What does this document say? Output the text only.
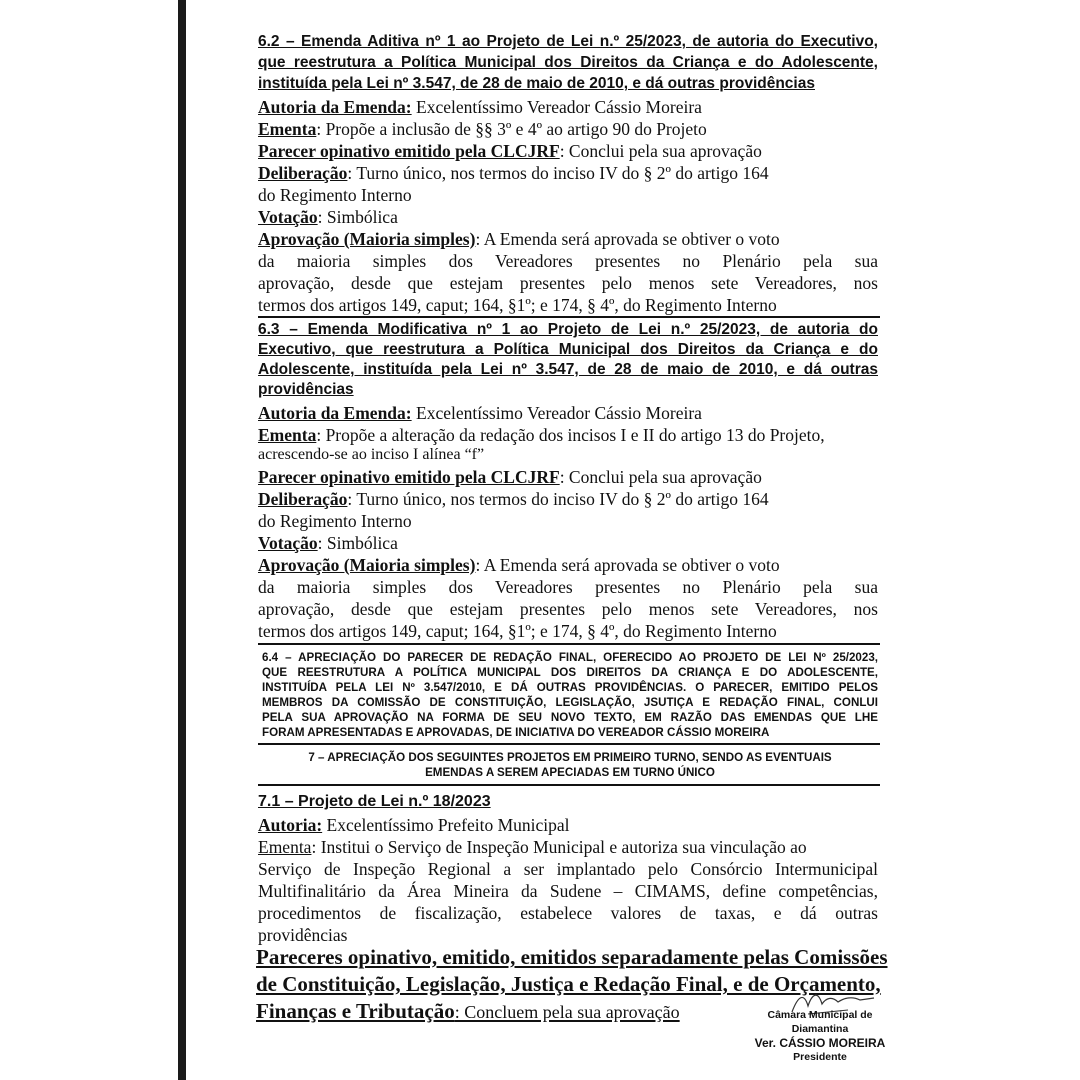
6.2 – Emenda Aditiva nº 1 ao Projeto de Lei n.º 25/2023, de autoria do Executivo,

que reestrutura a Política Municipal dos Direitos da Criança e do Adolescente,

instituída pela Lei nº 3.547, de 28 de maio de 2010, e dá outras providências

Autoria da Emenda: Excelentíssimo Vereador Cássio Moreira

Ementa: Propõe a inclusão de §§ 3º e 4º ao artigo 90 do Projeto

Parecer opinativo emitido pela CLCJRF: Conclui pela sua aprovação

Deliberação: Turno único, nos termos do inciso IV do § 2º do artigo 164

do Regimento Interno

Votação: Simbólica

Aprovação (Maioria simples): A Emenda será aprovada se obtiver o voto

da maioria simples dos Vereadores presentes no Plenário pela sua

aprovação, desde que estejam presentes pelo menos sete Vereadores, nos

termos dos artigos 149, caput; 164, §1º; e 174, § 4º, do Regimento Interno

6.3 – Emenda Modificativa nº 1 ao Projeto de Lei n.º 25/2023, de autoria do

Executivo, que reestrutura a Política Municipal dos Direitos da Criança e do

Adolescente, instituída pela Lei nº 3.547, de 28 de maio de 2010, e dá outras

providências

Autoria da Emenda: Excelentíssimo Vereador Cássio Moreira

Ementa: Propõe a alteração da redação dos incisos I e II do artigo 13 do Projeto,

acrescendo-se ao inciso I alínea “f”

Parecer opinativo emitido pela CLCJRF: Conclui pela sua aprovação

Deliberação: Turno único, nos termos do inciso IV do § 2º do artigo 164

do Regimento Interno

Votação: Simbólica

Aprovação (Maioria simples): A Emenda será aprovada se obtiver o voto

da maioria simples dos Vereadores presentes no Plenário pela sua

aprovação, desde que estejam presentes pelo menos sete Vereadores, nos

termos dos artigos 149, caput; 164, §1º; e 174, § 4º, do Regimento Interno

6.4 – APRECIAÇÃO DO PARECER DE REDAÇÃO FINAL, OFERECIDO AO PROJETO DE LEI Nº 25/2023,

QUE REESTRUTURA A POLÍTICA MUNICIPAL DOS DIREITOS DA CRIANÇA E DO ADOLESCENTE,

INSTITUÍDA PELA LEI Nº 3.547/2010, E DÁ OUTRAS PROVIDÊNCIAS. O PARECER, EMITIDO PELOS

MEMBROS DA COMISSÃO DE CONSTITUIÇÃO, LEGISLAÇÃO, JSUTIÇA E REDAÇÃO FINAL, CONLUI

PELA SUA APROVAÇÃO NA FORMA DE SEU NOVO TEXTO, EM RAZÃO DAS EMENDAS QUE LHE

FORAM APRESENTADAS E APROVADAS, DE INICIATIVA DO VEREADOR CÁSSIO MOREIRA

7 – APRECIAÇÃO DOS SEGUINTES PROJETOS EM PRIMEIRO TURNO, SENDO AS EVENTUAIS

EMENDAS A SEREM APECIADAS EM TURNO ÚNICO

7.1 – Projeto de Lei n.º 18/2023

Autoria: Excelentíssimo Prefeito Municipal

Ementa: Institui o Serviço de Inspeção Municipal e autoriza sua vinculação ao

Serviço de Inspeção Regional a ser implantado pelo Consórcio Intermunicipal

Multifinalitário da Área Mineira da Sudene – CIMAMS, define competências,

procedimentos de fiscalização, estabelece valores de taxas, e dá outras

providências

Pareceres opinativo, emitido, emitidos separadamente pelas Comissões

de Constituição, Legislação, Justiça e Redação Final, e de Orçamento,

Finanças e Tributação: Concluem pela sua aprovação	Câmara Municipal de Diamantina
Ver. CÁSSIO MOREIRA
Presidente
